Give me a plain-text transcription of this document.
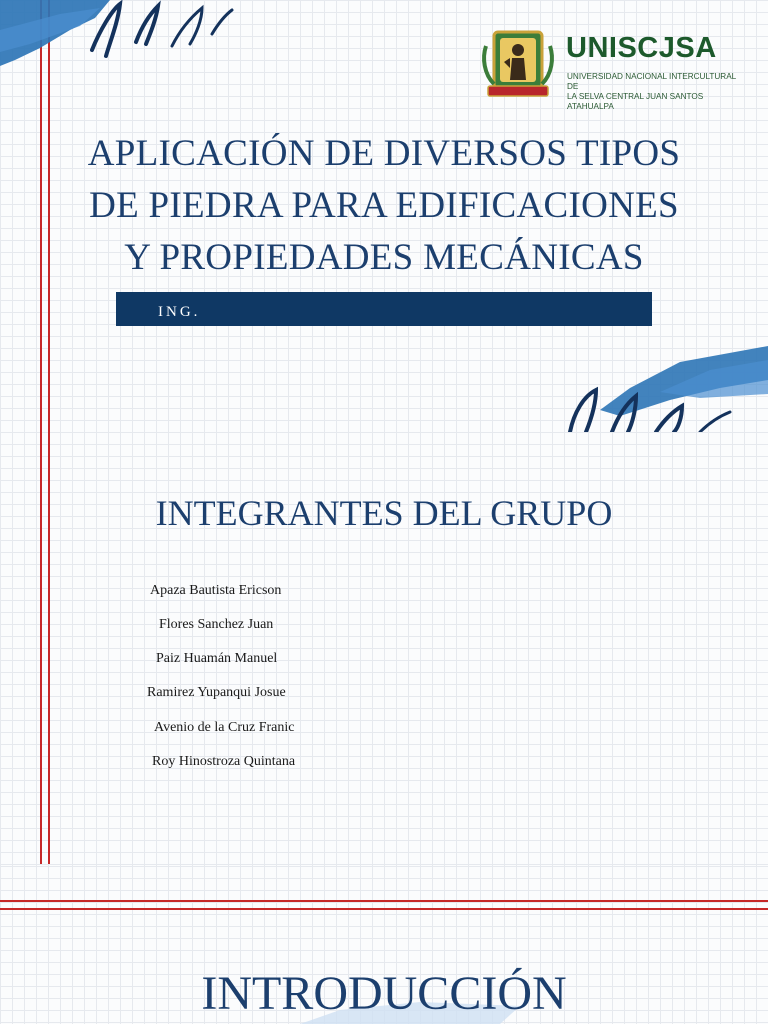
UNISCJSA

UNIVERSIDAD NACIONAL INTERCULTURAL DE
LA SELVA CENTRAL JUAN SANTOS ATAHUALPA
APLICACIÓN DE DIVERSOS TIPOS
DE PIEDRA PARA EDIFICACIONES
Y PROPIEDADES MECÁNICAS
ING.
INTEGRANTES DEL GRUPO
Apaza Bautista Ericson
Flores Sanchez Juan
Paiz Huamán Manuel
Ramirez Yupanqui Josue
Avenio de la Cruz Franic
Roy Hinostroza Quintana
INTRODUCCIÓN
